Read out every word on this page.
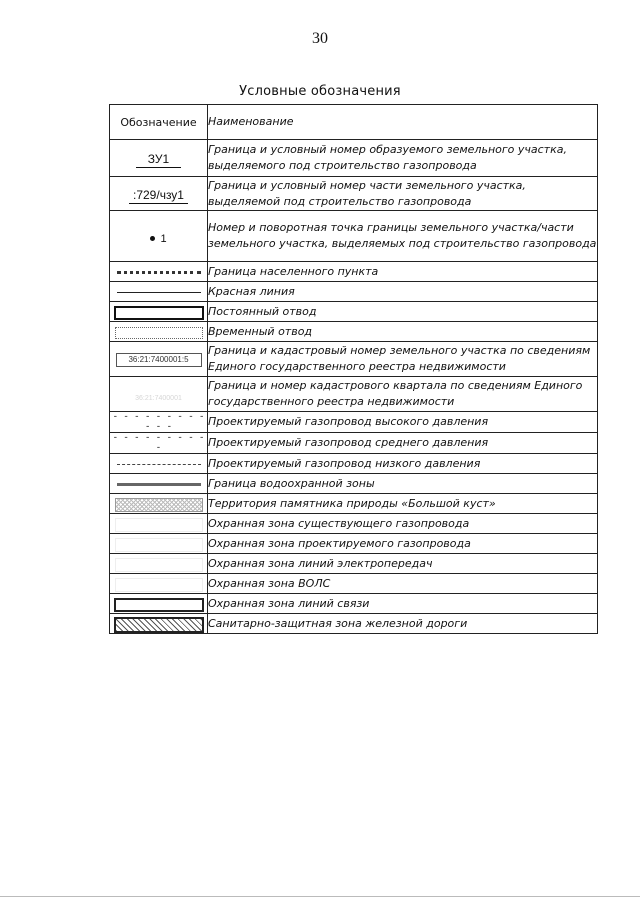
30
Условные обозначения
Обозначение	Наименование
ЗУ1	Граница и условный номер образуемого земельного участка, выделяемого под строительство газопровода
:729/чзу1	Граница и условный номер части земельного участка, выделяемой под строительство газопровода
1	Номер и поворотная точка границы земельного участка/части земельного участка, выделяемых под строительство газопровода
	Граница населенного пункта
	Красная линия
	Постоянный отвод
	Временный отвод
36:21:7400001:5	Граница и кадастровый номер земельного участка по сведениям Единого государственного реестра недвижимости
36:21:7400001	Граница и номер кадастрового квартала по сведениям Единого государственного реестра недвижимости
- - - - - - - - - - - -	Проектируемый газопровод высокого давления
- - - - - - - - - -	Проектируемый газопровод среднего давления
	Проектируемый газопровод низкого давления
	Граница водоохранной зоны
	Территория памятника природы «Большой куст»
	Охранная зона существующего газопровода
	Охранная зона проектируемого газопровода
	Охранная зона линий электропередач
	Охранная зона ВОЛС
	Охранная зона линий связи
	Санитарно-защитная зона железной дороги
